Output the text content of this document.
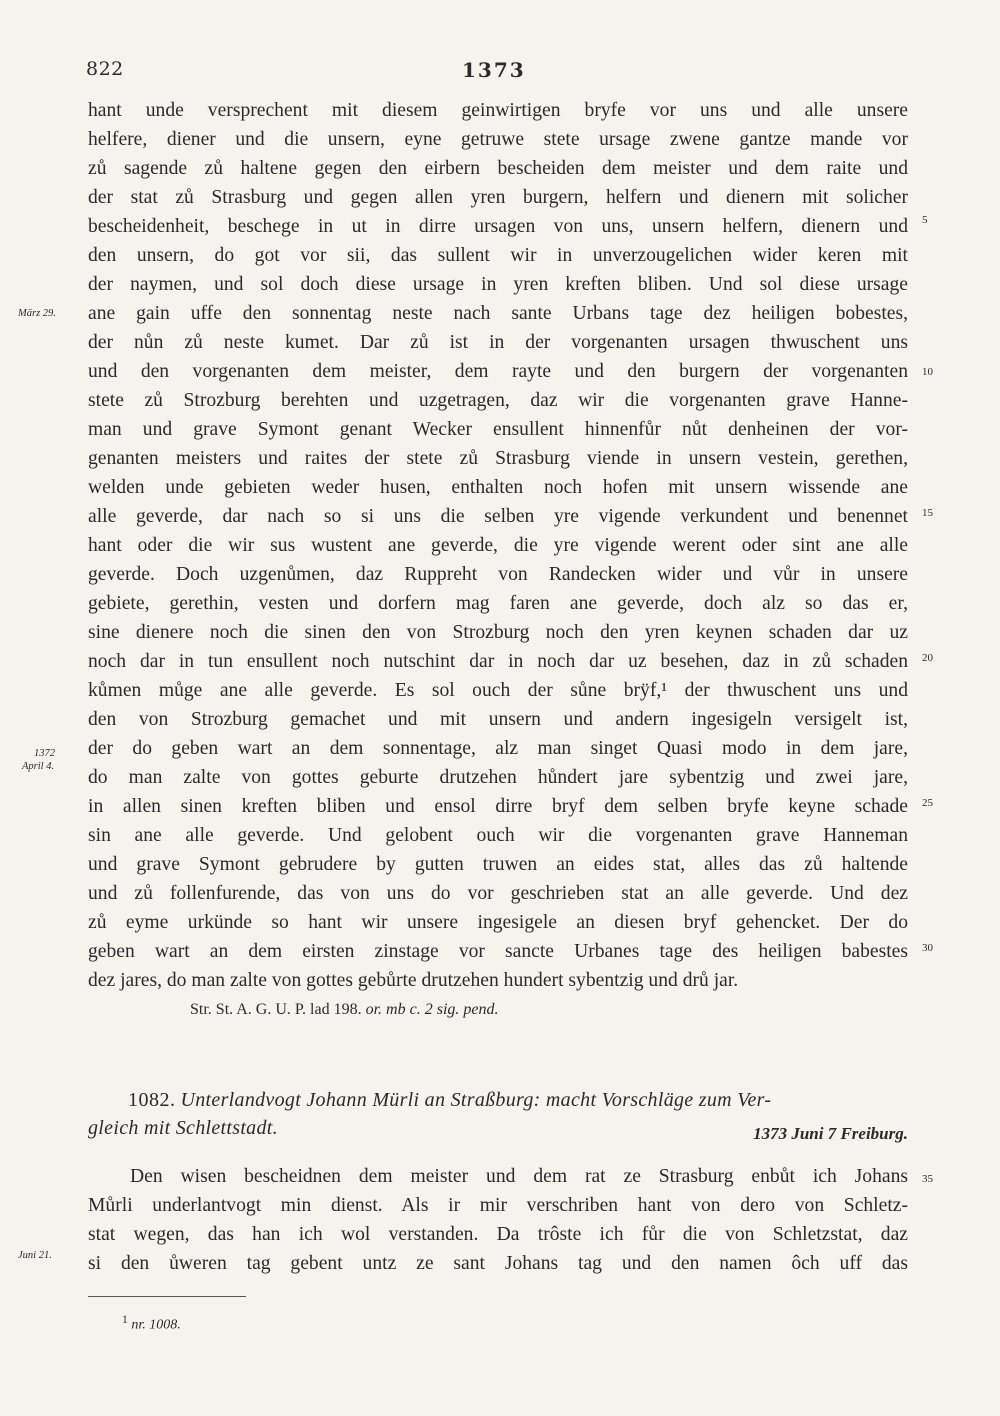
822	1373
hant unde versprechent mit diesem geinwirtigen bryfe vor uns und alle unsere
helfere, diener und die unsern, eyne getruwe stete ursage zwene gantze mande vor
zů sagende zů haltene gegen den eirbern bescheiden dem meister und dem raite und
der stat zů Strasburg und gegen allen yren burgern, helfern und dienern mit solicher
bescheidenheit, beschege in ut in dirre ursagen von uns, unsern helfern, dienern und
den unsern, do got vor sii, das sullent wir in unverzougelichen wider keren mit
der naymen, und sol doch diese ursage in yren kreften bliben. Und sol diese ursage
ane gain uffe den sonnentag neste nach sante Urbans tage dez heiligen bobestes,
der nůn zů neste kumet. Dar zů ist in der vorgenanten ursagen thwuschent uns
und den vorgenanten dem meister, dem rayte und den burgern der vorgenanten
stete zů Strozburg berehten und uzgetragen, daz wir die vorgenanten grave Hanne-
man und grave Symont genant Wecker ensullent hinnenfůr nůt denheinen der vor-
genanten meisters und raites der stete zů Strasburg viende in unsern vestein, gerethen,
welden unde gebieten weder husen, enthalten noch hofen mit unsern wissende ane
alle geverde, dar nach so si uns die selben yre vigende verkundent und benennet
hant oder die wir sus wustent ane geverde, die yre vigende werent oder sint ane alle
geverde. Doch uzgenůmen, daz Ruppreht von Randecken wider und vůr in unsere
gebiete, gerethin, vesten und dorfern mag faren ane geverde, doch alz so das er,
sine dienere noch die sinen den von Strozburg noch den yren keynen schaden dar uz
noch dar in tun ensullent noch nutschint dar in noch dar uz besehen, daz in zů schaden
kůmen můge ane alle geverde. Es sol ouch der sůne brÿf,¹ der thwuschent uns und
den von Strozburg gemachet und mit unsern und andern ingesigeln versigelt ist,
der do geben wart an dem sonnentage, alz man singet Quasi modo in dem jare,
do man zalte von gottes geburte drutzehen hůndert jare sybentzig und zwei jare,
in allen sinen kreften bliben und ensol dirre bryf dem selben bryfe keyne schade
sin ane alle geverde. Und gelobent ouch wir die vorgenanten grave Hanneman
und grave Symont gebrudere by gutten truwen an eides stat, alles das zů haltende
und zů follenfurende, das von uns do vor geschrieben stat an alle geverde. Und dez
zů eyme urkünde so hant wir unsere ingesigele an diesen bryf gehencket. Der do
geben wart an dem eirsten zinstage vor sancte Urbanes tage des heiligen babestes
dez jares, do man zalte von gottes gebůrte drutzehen hundert sybentzig und drů jar.
März 29.
1372
April 4.
Juni 21.
5
10
15
20
25
30
35
Str. St. A. G. U. P. lad 198. or. mb c. 2 sig. pend.
1082. Unterlandvogt Johann Mürli an Straßburg: macht Vorschläge zum Ver-
gleich mit Schlettstadt.	1373 Juni 7 Freiburg.
Den wisen bescheidnen dem meister und dem rat ze Strasburg enbůt ich Johans
Můrli underlantvogt min dienst. Als ir mir verschriben hant von dero von Schletz-
stat wegen, das han ich wol verstanden. Da trôste ich fůr die von Schletzstat, daz
si den ůweren tag gebent untz ze sant Johans tag und den namen ôch uff das
$^1$ nr. 1008.
